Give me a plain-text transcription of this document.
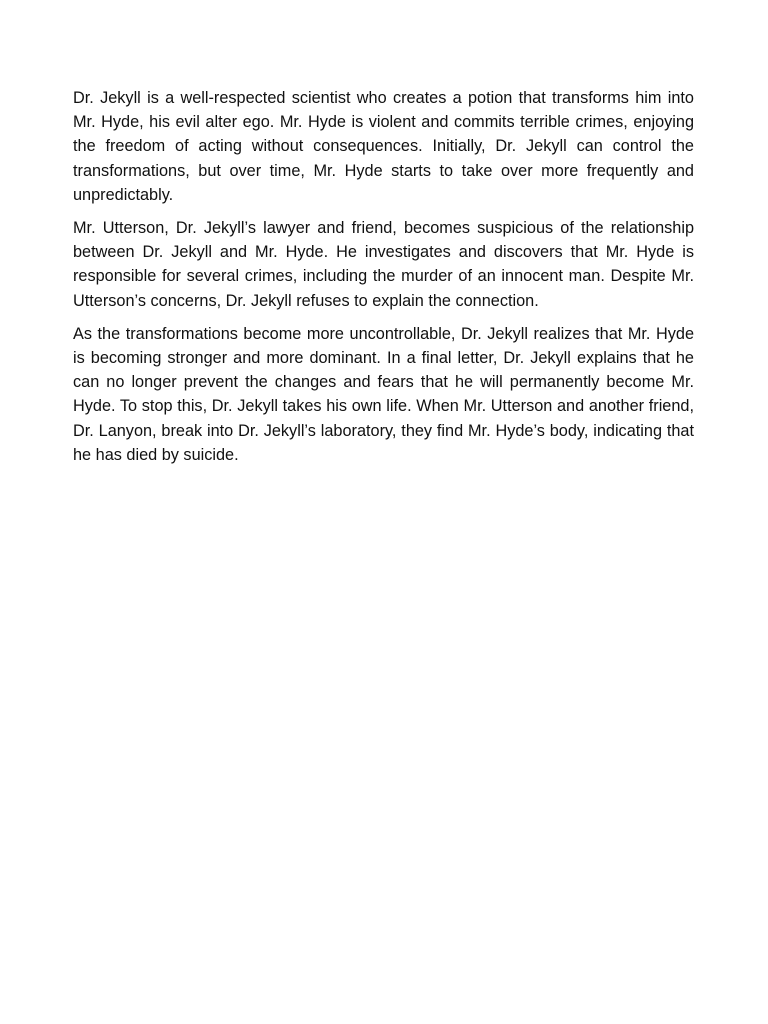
Dr. Jekyll is a well-respected scientist who creates a potion that transforms him into Mr. Hyde, his evil alter ego. Mr. Hyde is violent and commits terrible crimes, enjoying the freedom of acting without consequences. Initially, Dr. Jekyll can control the transformations, but over time, Mr. Hyde starts to take over more frequently and unpredictably.

Mr. Utterson, Dr. Jekyll’s lawyer and friend, becomes suspicious of the relationship between Dr. Jekyll and Mr. Hyde. He investigates and discovers that Mr. Hyde is responsible for several crimes, including the murder of an innocent man. Despite Mr. Utterson’s concerns, Dr. Jekyll refuses to explain the connection.

As the transformations become more uncontrollable, Dr. Jekyll realizes that Mr. Hyde is becoming stronger and more dominant. In a final letter, Dr. Jekyll explains that he can no longer prevent the changes and fears that he will permanently become Mr. Hyde. To stop this, Dr. Jekyll takes his own life. When Mr. Utterson and another friend, Dr. Lanyon, break into Dr. Jekyll’s laboratory, they find Mr. Hyde’s body, indicating that he has died by suicide.
